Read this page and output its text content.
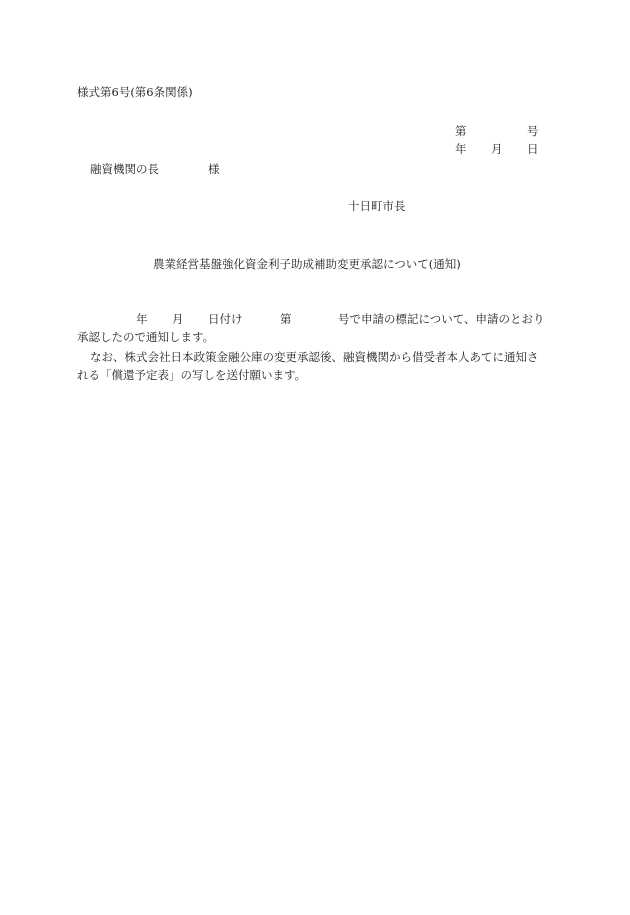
様式第6号(第6条関係)
第	号
年 月 日
融資機関の長	様
十日町市長
農業経営基盤強化資金利子助成補助変更承認について(通知)
年 月 日付け	第	号で申請の標記について、申請のとおり
承認したので通知します。
なお、株式会社日本政策金融公庫の変更承認後、融資機関から借受者本人あてに通知さ
れる「償還予定表」の写しを送付願います。
